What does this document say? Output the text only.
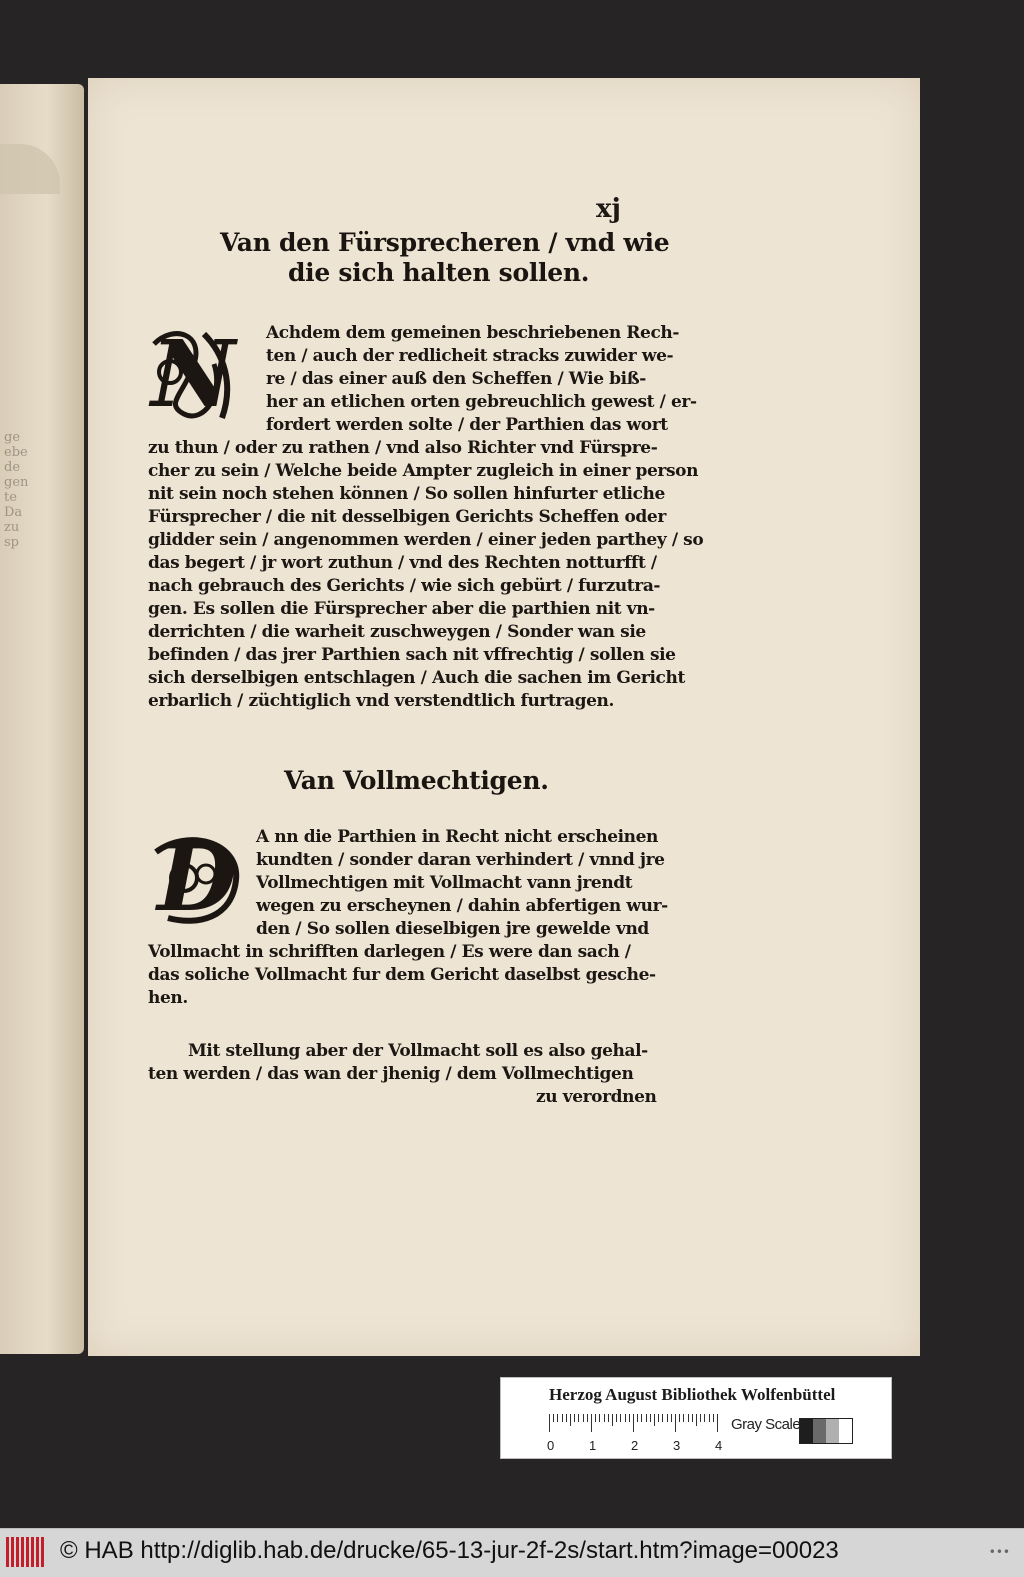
ge
ebe
de
gen
te
Da
zu
sp
xj
Van den Fürsprecheren / vnd wie
die sich halten sollen.
N	Achdem dem gemeinen beschriebenen Rech-
ten / auch der redlicheit stracks zuwider we-
re / das einer auß den Scheffen / Wie biß-
her an etlichen orten gebreuchlich gewest / er-
fordert werden solte / der Parthien das wort
zu thun / oder zu rathen / vnd also Richter vnd Fürspre-
cher zu sein / Welche beide Ampter zugleich in einer person
nit sein noch stehen können / So sollen hinfurter etliche
Fürsprecher / die nit desselbigen Gerichts Scheffen oder
glidder sein / angenommen werden / einer jeden parthey / so
das begert / jr wort zuthun / vnd des Rechten notturfft /
nach gebrauch des Gerichts / wie sich gebürt / furzutra-
gen. Es sollen die Fürsprecher aber die parthien nit vn-
derrichten / die warheit zuschweygen / Sonder wan sie
befinden / das jrer Parthien sach nit vffrechtig / sollen sie
sich derselbigen entschlagen / Auch die sachen im Gericht
erbarlich / züchtiglich vnd verstendtlich furtragen.
Van Vollmechtigen.
D	A nn die Parthien in Recht nicht erscheinen
kundten / sonder daran verhindert / vnnd jre
Vollmechtigen mit Vollmacht vann jrendt
wegen zu erscheynen / dahin abfertigen wur-
den / So sollen dieselbigen jre gewelde vnd
Vollmacht in schrifften darlegen / Es were dan sach /
das soliche Vollmacht fur dem Gericht daselbst gesche-
hen.
Mit stellung aber der Vollmacht soll es also gehal-
ten werden / das wan der jhenig / dem Vollmechtigen
zu verordnen
Herzog August Bibliothek Wolfenbüttel
0	1	2	3	4
Gray Scale
© HAB http://diglib.hab.de/drucke/65-13-jur-2f-2s/start.htm?image=00023	•••
